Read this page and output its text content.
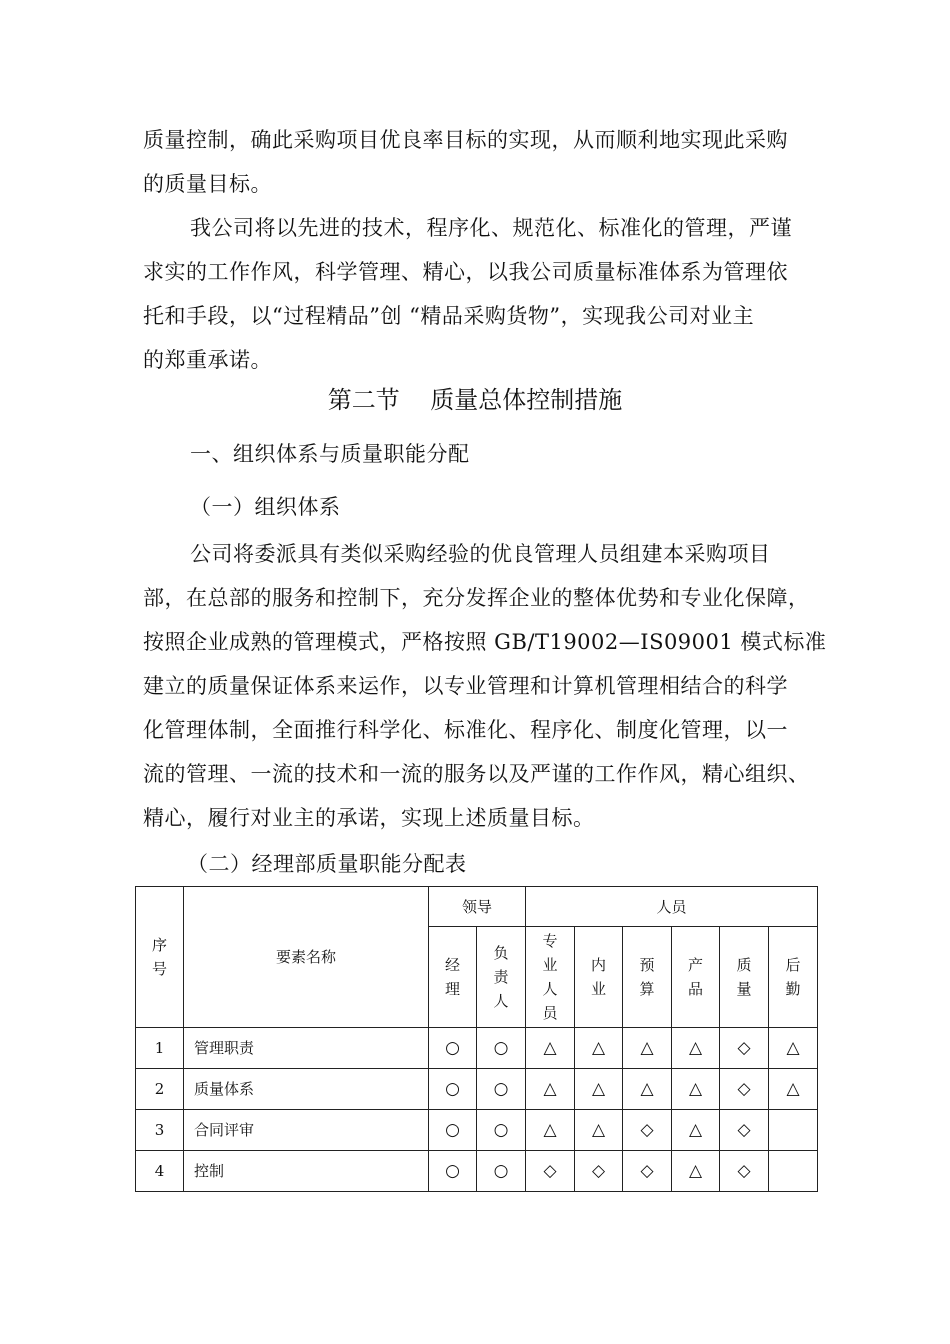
质量控制，确此采购项目优良率目标的实现，从而顺利地实现此采购
的质量目标。
我公司将以先进的技术，程序化、规范化、标准化的管理，严谨
求实的工作作风，科学管理、精心，以我公司质量标准体系为管理依
托和手段，以“过程精品”创 “精品采购货物”，实现我公司对业主
的郑重承诺。
第二节    质量总体控制措施
一、组织体系与质量职能分配
（一）组织体系
公司将委派具有类似采购经验的优良管理人员组建本采购项目
部，在总部的服务和控制下，充分发挥企业的整体优势和专业化保障，
按照企业成熟的管理模式，严格按照 GB/T19002—IS09001 模式标准
建立的质量保证体系来运作，以专业管理和计算机管理相结合的科学
化管理体制，全面推行科学化、标准化、程序化、制度化管理，以一
流的管理、一流的技术和一流的服务以及严谨的工作作风，精心组织、
精心，履行对业主的承诺，实现上述质量目标。
（二）经理部质量职能分配表
序号	要素名称	领导		人员					
		经理	负责人	专业人员	内业	预算	产品	质量	后勤
1	管理职责	○	○	△	△	△	△	◇	△
2	质量体系	○	○	△	△	△	△	◇	△
3	合同评审	○	○	△	△	◇	△	◇	
4	控制	○	○	◇	◇	◇	△	◇	
